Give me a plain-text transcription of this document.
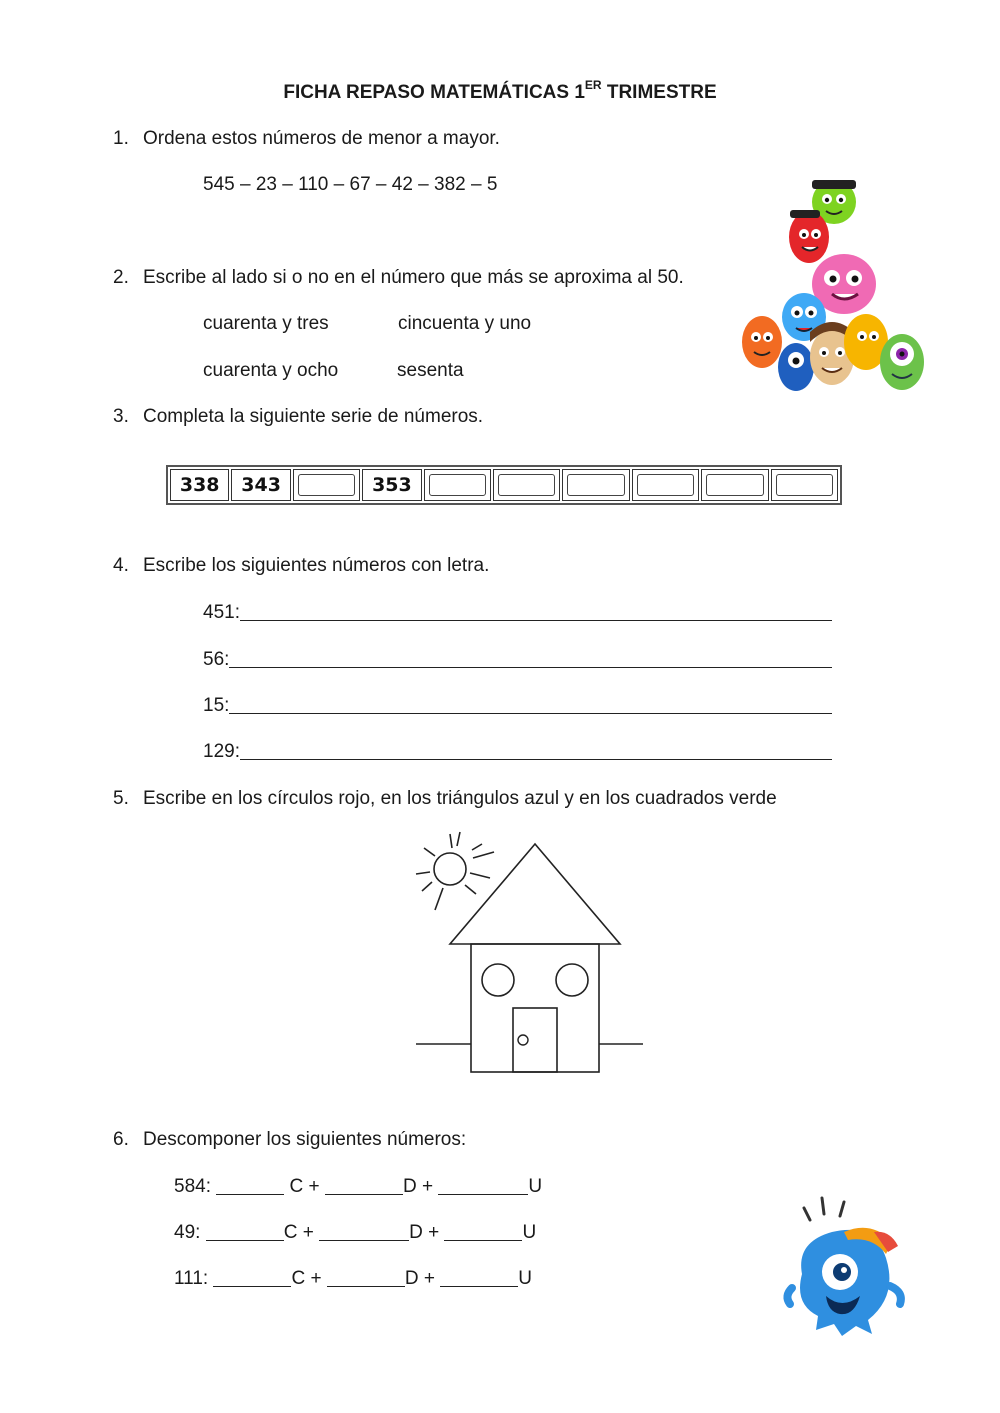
FICHA REPASO MATEMÁTICAS 1ER TRIMESTRE
1. Ordena estos números de menor a mayor.
545 – 23 – 110 – 67 – 42 – 382 – 5
2. Escribe al lado si o no en el número que más se aproxima al 50.
cuarenta y tres	cincuenta y uno
cuarenta y ocho	sesenta
3. Completa la siguiente serie de números.
338	343	353
4. Escribe los siguientes números con letra.
451:
56:
15:
129:
5. Escribe en los círculos rojo, en los triángulos azul y en los cuadrados verde
6. Descomponer los siguientes números:
584:	C +	D +	U
49:	C +	D +	U
111:	C +	D +	U
